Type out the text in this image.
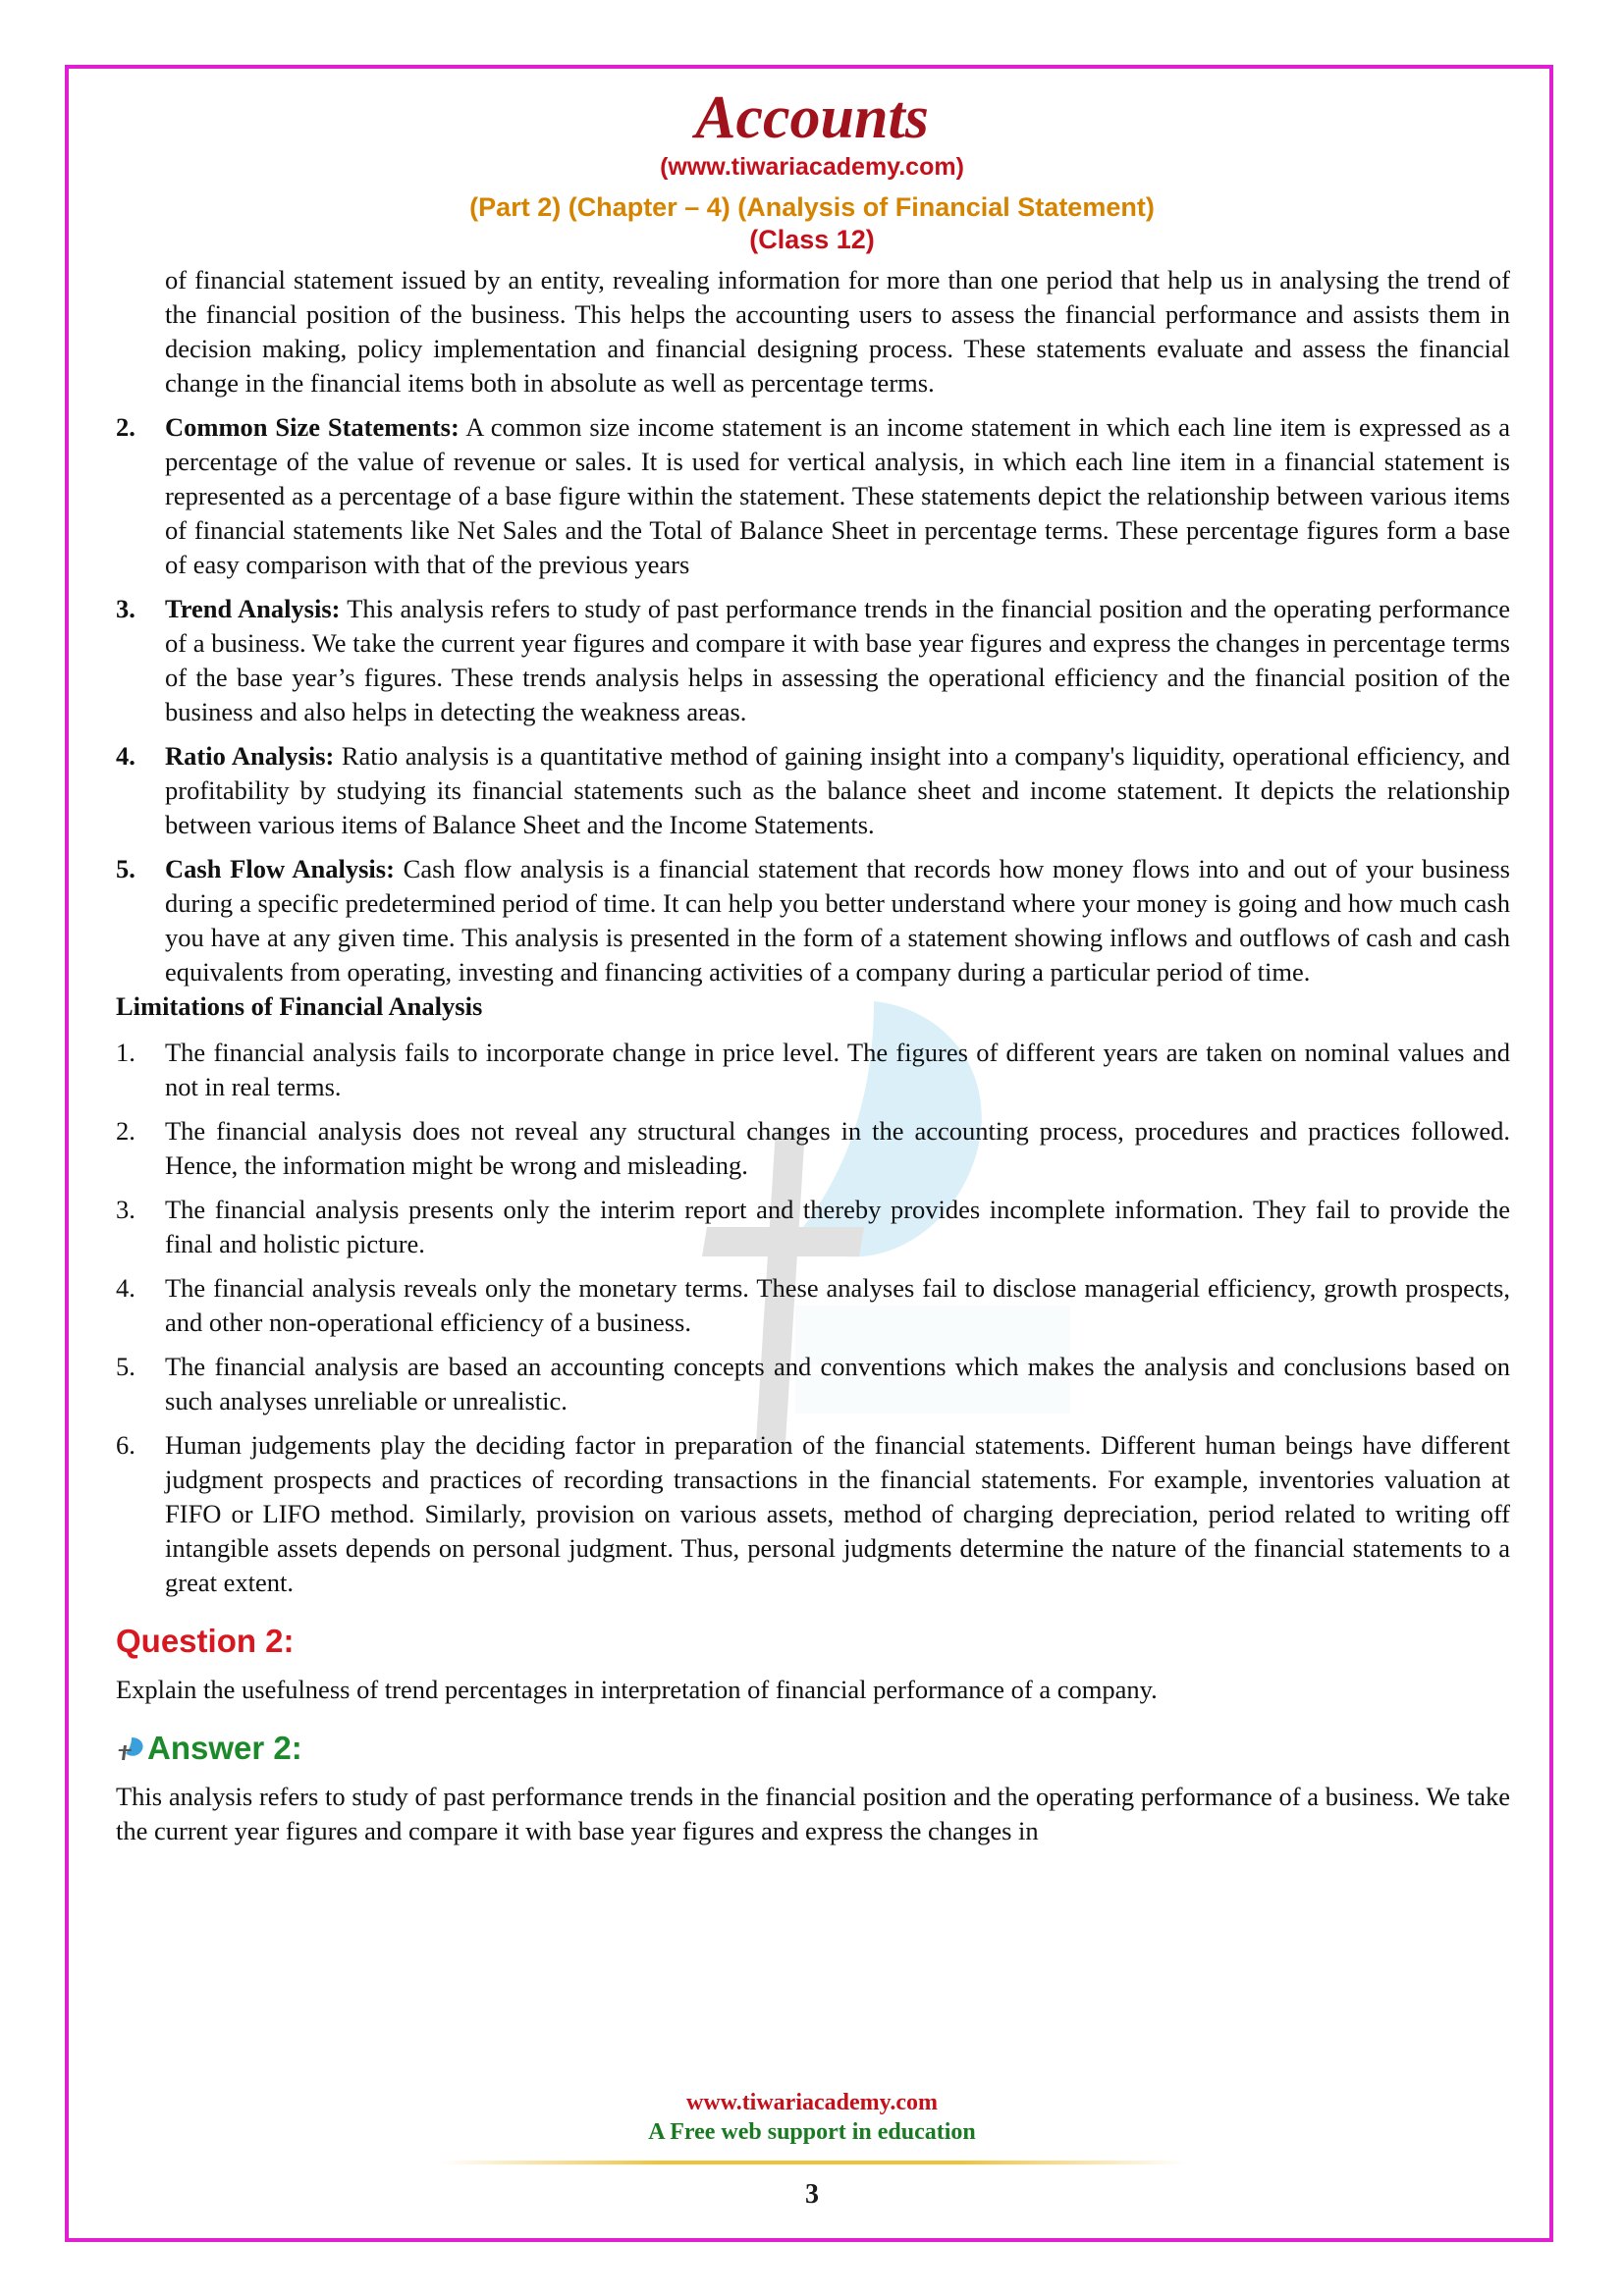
Accounts
(www.tiwariacademy.com)
(Part 2) (Chapter – 4) (Analysis of Financial Statement)
(Class 12)

of financial statement issued by an entity, revealing information for more than one period that help us in analysing the trend of the financial position of the business. This helps the accounting users to assess the financial performance and assists them in decision making, policy implementation and financial designing process. These statements evaluate and assess the financial change in the financial items both in absolute as well as percentage terms.

2. Common Size Statements: A common size income statement is an income statement in which each line item is expressed as a percentage of the value of revenue or sales. It is used for vertical analysis, in which each line item in a financial statement is represented as a percentage of a base figure within the statement. These statements depict the relationship between various items of financial statements like Net Sales and the Total of Balance Sheet in percentage terms. These percentage figures form a base of easy comparison with that of the previous years
3. Trend Analysis: This analysis refers to study of past performance trends in the financial position and the operating performance of a business. We take the current year figures and compare it with base year figures and express the changes in percentage terms of the base year’s figures. These trends analysis helps in assessing the operational efficiency and the financial position of the business and also helps in detecting the weakness areas.
4. Ratio Analysis: Ratio analysis is a quantitative method of gaining insight into a company's liquidity, operational efficiency, and profitability by studying its financial statements such as the balance sheet and income statement. It depicts the relationship between various items of Balance Sheet and the Income Statements.
5. Cash Flow Analysis: Cash flow analysis is a financial statement that records how money flows into and out of your business during a specific predetermined period of time. It can help you better understand where your money is going and how much cash you have at any given time. This analysis is presented in the form of a statement showing inflows and outflows of cash and cash equivalents from operating, investing and financing activities of a company during a particular period of time.

Limitations of Financial Analysis

1. The financial analysis fails to incorporate change in price level. The figures of different years are taken on nominal values and not in real terms.
2. The financial analysis does not reveal any structural changes in the accounting process, procedures and practices followed. Hence, the information might be wrong and misleading.
3. The financial analysis presents only the interim report and thereby provides incomplete information. They fail to provide the final and holistic picture.
4. The financial analysis reveals only the monetary terms. These analyses fail to disclose managerial efficiency, growth prospects, and other non-operational efficiency of a business.
5. The financial analysis are based an accounting concepts and conventions which makes the analysis and conclusions based on such analyses unreliable or unrealistic.
6. Human judgements play the deciding factor in preparation of the financial statements. Different human beings have different judgment prospects and practices of recording transactions in the financial statements. For example, inventories valuation at FIFO or LIFO method. Similarly, provision on various assets, method of charging depreciation, period related to writing off intangible assets depends on personal judgment. Thus, personal judgments determine the nature of the financial statements to a great extent.
Question 2:

Explain the usefulness of trend percentages in interpretation of financial performance of a company.

Answer 2:

This analysis refers to study of past performance trends in the financial position and the operating performance of a business. We take the current year figures and compare it with base year figures and express the changes in

www.tiwariacademy.com
A Free web support in education
3
